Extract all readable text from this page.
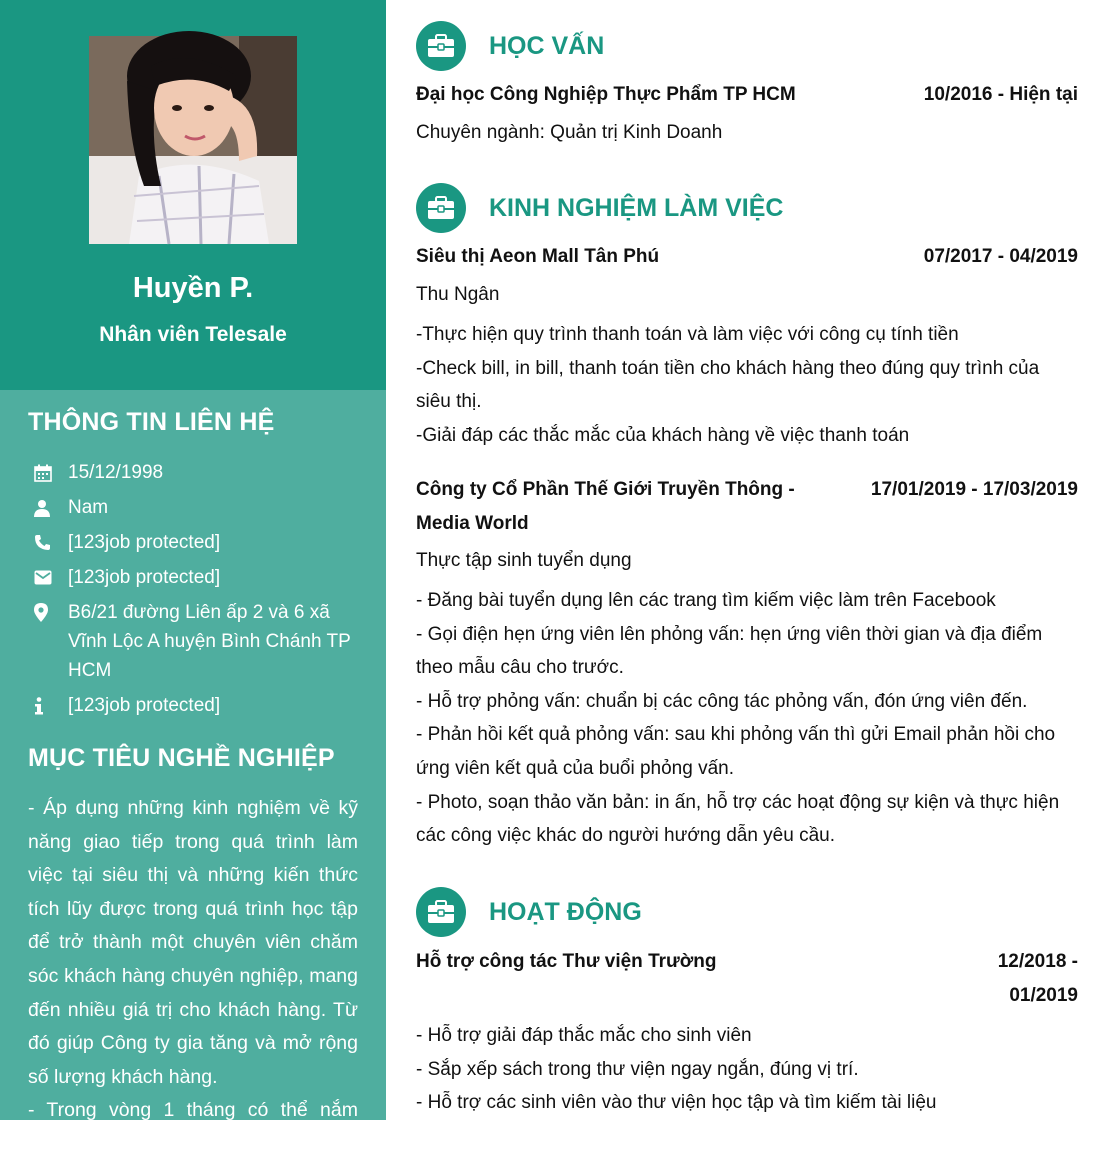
Huyền P.
Nhân viên Telesale
THÔNG TIN LIÊN HỆ
15/12/1998
Nam
[123job protected]
[123job protected]
B6/21 đường Liên ấp 2 và 6 xã Vĩnh Lộc A huyện Bình Chánh TP HCM
[123job protected]
MỤC TIÊU NGHỀ NGHIỆP

- Áp dụng những kinh nghiệm về kỹ năng giao tiếp trong quá trình làm việc tại siêu thị và những kiến thức tích lũy được trong quá trình học tập để trở thành một chuyên viên chăm sóc khách hàng chuyên nghiệp, mang đến nhiều giá trị cho khách hàng. Từ đó giúp Công ty gia tăng và mở rộng số lượng khách hàng.

- Trong vòng 1 tháng có thể nắm vững

HỌC VẤN
Đại học Công Nghiệp Thực Phẩm TP HCM	10/2016 - Hiện tại
Chuyên ngành: Quản trị Kinh Doanh
KINH NGHIỆM LÀM VIỆC
Siêu thị Aeon Mall Tân Phú	07/2017 - 04/2019
Thu Ngân

-Thực hiện quy trình thanh toán và làm việc với công cụ tính tiền

-Check bill, in bill, thanh toán tiền cho khách hàng theo đúng quy trình của siêu thị.

-Giải đáp các thắc mắc của khách hàng về việc thanh toán

Công ty Cổ Phần Thế Giới Truyền Thông - Media World
17/01/2019 - 17/03/2019
Thực tập sinh tuyển dụng

- Đăng bài tuyển dụng lên các trang tìm kiếm việc làm trên Facebook

- Gọi điện hẹn ứng viên lên phỏng vấn: hẹn ứng viên thời gian và địa điểm theo mẫu câu cho trước.

- Hỗ trợ phỏng vấn: chuẩn bị các công tác phỏng vấn, đón ứng viên đến.

- Phản hồi kết quả phỏng vấn: sau khi phỏng vấn thì gửi Email phản hồi cho ứng viên kết quả của buổi phỏng vấn.

- Photo, soạn thảo văn bản: in ấn, hỗ trợ các hoạt động sự kiện và thực hiện các công việc khác do người hướng dẫn yêu cầu.

HOẠT ĐỘNG
Hỗ trợ công tác Thư viện Trường	12/2018 - 01/2019

- Hỗ trợ giải đáp thắc mắc cho sinh viên

- Sắp xếp sách trong thư viện ngay ngắn, đúng vị trí.

- Hỗ trợ các sinh viên vào thư viện học tập và tìm kiếm tài liệu
